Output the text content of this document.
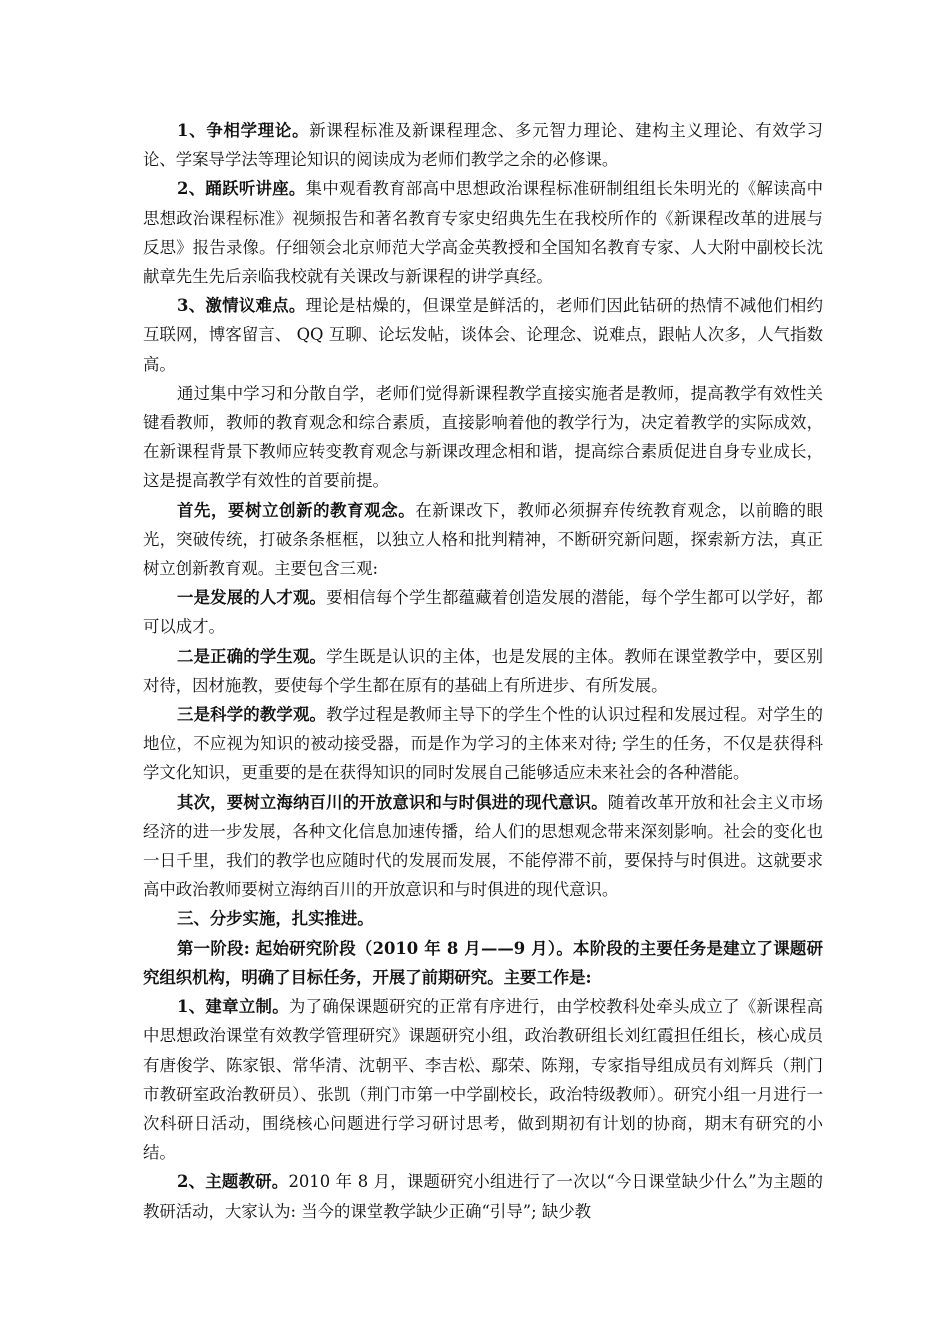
1、争相学理论。新课程标准及新课程理念、多元智力理论、建构主义理论、有效学习论、学案导学法等理论知识的阅读成为老师们教学之余的必修课。

2、踊跃听讲座。集中观看教育部高中思想政治课程标准研制组组长朱明光的《解读高中思想政治课程标准》视频报告和著名教育专家史绍典先生在我校所作的《新课程改革的进展与反思》报告录像。仔细领会北京师范大学高金英教授和全国知名教育专家、人大附中副校长沈献章先生先后亲临我校就有关课改与新课程的讲学真经。

3、激情议难点。理论是枯燥的，但课堂是鲜活的，老师们因此钻研的热情不减他们相约互联网，博客留言、 QQ 互聊、论坛发帖，谈体会、论理念、说难点，跟帖人次多，人气指数高。

通过集中学习和分散自学，老师们觉得新课程教学直接实施者是教师，提高教学有效性关键看教师，教师的教育观念和综合素质，直接影响着他的教学行为，决定着教学的实际成效，在新课程背景下教师应转变教育观念与新课改理念相和谐，提高综合素质促进自身专业成长，这是提高教学有效性的首要前提。

首先，要树立创新的教育观念。在新课改下，教师必须摒弃传统教育观念，以前瞻的眼光，突破传统，打破条条框框，以独立人格和批判精神，不断研究新问题，探索新方法，真正树立创新教育观。主要包含三观:

一是发展的人才观。要相信每个学生都蕴藏着创造发展的潜能，每个学生都可以学好，都可以成才。

二是正确的学生观。学生既是认识的主体，也是发展的主体。教师在课堂教学中，要区别对待，因材施教，要使每个学生都在原有的基础上有所进步、有所发展。

三是科学的教学观。教学过程是教师主导下的学生个性的认识过程和发展过程。对学生的地位，不应视为知识的被动接受器，而是作为学习的主体来对待; 学生的任务，不仅是获得科学文化知识，更重要的是在获得知识的同时发展自己能够适应未来社会的各种潜能。

其次，要树立海纳百川的开放意识和与时俱进的现代意识。随着改革开放和社会主义市场经济的进一步发展，各种文化信息加速传播，给人们的思想观念带来深刻影响。社会的变化也一日千里，我们的教学也应随时代的发展而发展，不能停滞不前，要保持与时俱进。这就要求高中政治教师要树立海纳百川的开放意识和与时俱进的现代意识。

三、分步实施，扎实推进。

第一阶段: 起始研究阶段（2010 年 8 月——9 月）。本阶段的主要任务是建立了课题研究组织机构，明确了目标任务，开展了前期研究。主要工作是:

1、建章立制。为了确保课题研究的正常有序进行，由学校教科处牵头成立了《新课程高中思想政治课堂有效教学管理研究》课题研究小组，政治教研组长刘红霞担任组长，核心成员有唐俊学、陈家银、常华清、沈朝平、李吉松、鄢荣、陈翔，专家指导组成员有刘辉兵（荆门市教研室政治教研员）、张凯（荆门市第一中学副校长，政治特级教师）。研究小组一月进行一次科研日活动，围绕核心问题进行学习研讨思考，做到期初有计划的协商，期末有研究的小结。

2、主题教研。2010 年 8 月，课题研究小组进行了一次以“今日课堂缺少什么”为主题的教研活动，大家认为: 当今的课堂教学缺少正确“引导”; 缺少教
